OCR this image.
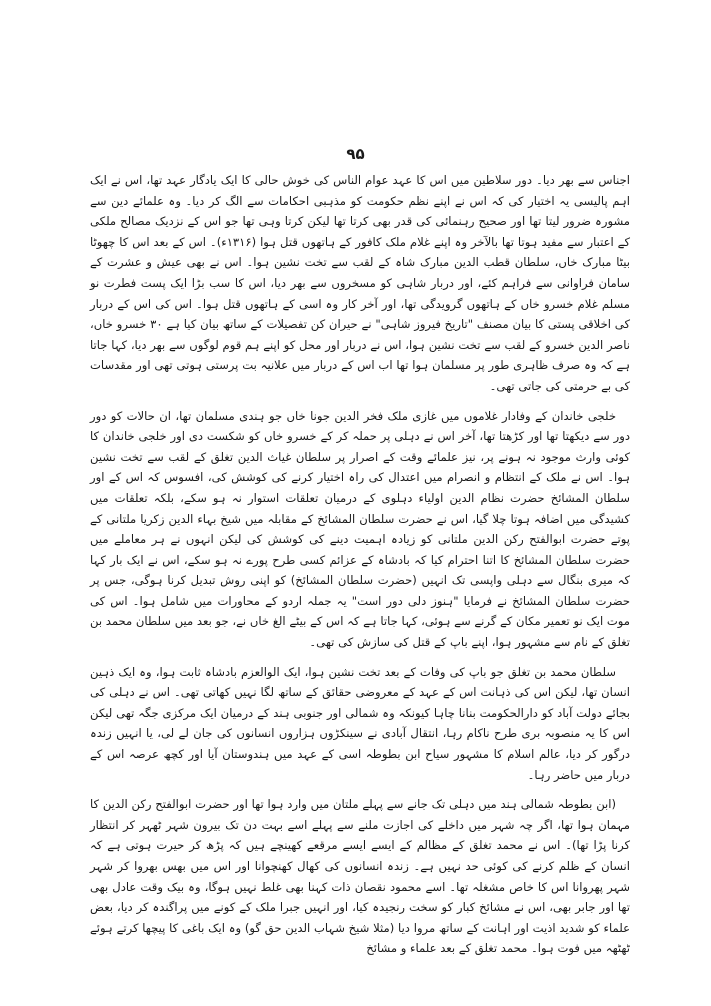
۹۵

اجناس سے بھر دیا۔ دور سلاطین میں اس کا عہد عوام الناس کی خوش حالی کا ایک یادگار عہد تھا، اس نے ایک اہم پالیسی یہ اختیار کی کہ اس نے اپنے نظم حکومت کو مذہبی احکامات سے الگ کر دیا۔ وہ علمائے دین سے مشورہ ضرور لیتا تھا اور صحیح رہنمائی کی قدر بھی کرتا تھا لیکن کرتا وہی تھا جو اس کے نزدیک مصالح ملکی کے اعتبار سے مفید ہوتا تھا بالآخر وہ اپنے غلام ملک کافور کے ہاتھوں قتل ہوا (۱۳۱۶ء)۔ اس کے بعد اس کا چھوٹا بیٹا مبارک خاں، سلطان قطب الدین مبارک شاہ کے لقب سے تخت نشین ہوا۔ اس نے بھی عیش و عشرت کے سامان فراوانی سے فراہم کئے، اور دربار شاہی کو مسخروں سے بھر دیا، اس کا سب بڑا ایک پست فطرت نو مسلم غلام خسرو خاں کے ہاتھوں گرویدگی تھا، اور آخر کار وہ اسی کے ہاتھوں قتل ہوا۔ اس کی اس کے دربار کی اخلاقی پستی کا بیان مصنف "تاریخ فیروز شاہی" نے حیران کن تفصیلات کے ساتھ بیان کیا ہے ۳۰ خسرو خاں، ناصر الدین خسرو کے لقب سے تخت نشین ہوا، اس نے دربار اور محل کو اپنے ہم قوم لوگوں سے بھر دیا، کہا جاتا ہے کہ وہ صرف ظاہری طور پر مسلمان ہوا تھا اب اس کے دربار میں علانیہ بت پرستی ہوتی تھی اور مقدسات کی بے حرمتی کی جاتی تھی۔

خلجی خاندان کے وفادار غلاموں میں غازی ملک فخر الدین جونا خاں جو ہندی مسلمان تھا، ان حالات کو دور دور سے دیکھتا تھا اور کڑھتا تھا، آخر اس نے دہلی پر حملہ کر کے خسرو خاں کو شکست دی اور خلجی خاندان کا کوئی وارث موجود نہ ہونے پر، نیز علمائے وقت کے اصرار پر سلطان غیاث الدین تغلق کے لقب سے تخت نشین ہوا۔ اس نے ملک کے انتظام و انصرام میں اعتدال کی راہ اختیار کرنے کی کوشش کی، افسوس کہ اس کے اور سلطان المشائخ حضرت نظام الدین اولیاء دہلوی کے درمیان تعلقات استوار نہ ہو سکے، بلکہ تعلقات میں کشیدگی میں اضافہ ہوتا چلا گیا، اس نے حضرت سلطان المشائخ کے مقابلہ میں شیخ بہاء الدین زکریا ملتانی کے پوتے حضرت ابوالفتح رکن الدین ملتانی کو زیادہ اہمیت دینے کی کوشش کی لیکن انہوں نے ہر معاملے میں حضرت سلطان المشائخ کا اتنا احترام کیا کہ بادشاہ کے عزائم کسی طرح پورے نہ ہو سکے، اس نے ایک بار کہا کہ میری بنگال سے دہلی واپسی تک انہیں (حضرت سلطان المشائخ) کو اپنی روش تبدیل کرنا ہوگی، جس پر حضرت سلطان المشائخ نے فرمایا "ہنوز دلی دور است" یہ جملہ اردو کے محاورات میں شامل ہوا۔ اس کی موت ایک نو تعمیر مکان کے گرنے سے ہوئی، کہا جاتا ہے کہ اس کے بیٹے الغ خاں نے، جو بعد میں سلطان محمد بن تغلق کے نام سے مشہور ہوا، اپنے باپ کے قتل کی سازش کی تھی۔

سلطان محمد بن تغلق جو باپ کی وفات کے بعد تخت نشین ہوا، ایک الوالعزم بادشاہ ثابت ہوا، وہ ایک ذہین انسان تھا، لیکن اس کی ذہانت اس کے عہد کے معروضی حقائق کے ساتھ لگا نہیں کھاتی تھی۔ اس نے دہلی کی بجائے دولت آباد کو دارالحکومت بنانا چاہا کیونکہ وہ شمالی اور جنوبی ہند کے درمیان ایک مرکزی جگہ تھی لیکن اس کا یہ منصوبہ بری طرح ناکام رہا، انتقال آبادی نے سینکڑوں ہزاروں انسانوں کی جان لے لی، یا انہیں زندہ درگور کر دیا، عالم اسلام کا مشہور سیاح ابن بطوطہ اسی کے عہد میں ہندوستان آیا اور کچھ عرصہ اس کے دربار میں حاضر رہا۔

(ابن بطوطہ شمالی ہند میں دہلی تک جانے سے پہلے ملتان میں وارد ہوا تھا اور حضرت ابوالفتح رکن الدین کا مہمان ہوا تھا، اگر چہ شہر میں داخلے کی اجازت ملنے سے پہلے اسے بہت دن تک بیرون شہر ٹھہر کر انتظار کرنا پڑا تھا)۔ اس نے محمد تغلق کے مظالم کے ایسے ایسے مرقعے کھینچے ہیں کہ پڑھ کر حیرت ہوتی ہے کہ انسان کے ظلم کرنے کی کوئی حد نہیں ہے۔ زندہ انسانوں کی کھال کھنچوانا اور اس میں بھس بھروا کر شہر شہر پھروانا اس کا خاص مشغلہ تھا۔ اسے محمود نقصان ذات کہنا بھی غلط نہیں ہوگا، وہ بیک وقت عادل بھی تھا اور جابر بھی، اس نے مشائخ کبار کو سخت رنجیدہ کیا، اور انہیں جبرا ملک کے کونے میں پراگندہ کر دیا، بعض علماء کو شدید اذیت اور اہانت کے ساتھ مروا دیا (مثلا شیخ شہاب الدین حق گو) وہ ایک باغی کا پیچھا کرتے ہوئے ٹھٹھہ میں فوت ہوا۔ محمد تغلق کے بعد علماء و مشائخ
